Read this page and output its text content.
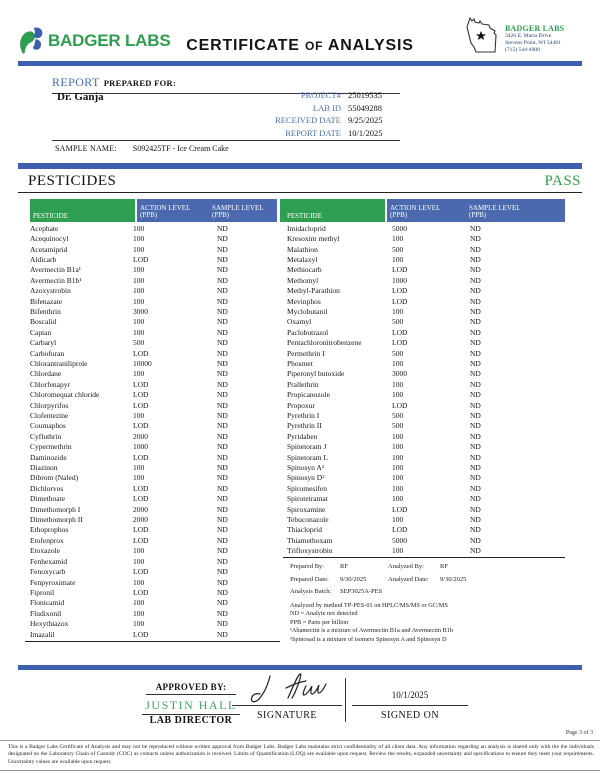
BADGER LABS CERTIFICATE OF ANALYSIS
BADGER LABS
3426 E. Maria Drive
Stevens Point, WI 54481
(715) 544-4900
REPORT PREPARED FOR:
Dr. Ganja	PROJECT# 25019535
LAB ID 55049288
RECEIVED DATE 9/25/2025
REPORT DATE 10/1/2025
SAMPLE NAME: S092425TF - Ice Cream Cake
PESTICIDES	PASS
PESTICIDE
ACTION LEVEL
(PPB)
SAMPLE LEVEL
(PPB)
Acephate	100	ND
Acequinocyl	100	ND
Acetamiprid	100	ND
Aldicarb	LOD	ND
Avermectin B1a¹	100	ND
Avermectin B1b¹	100	ND
Azoxystrobin	100	ND
Bifenazate	100	ND
Bifenthrin	3000	ND
Boscalid	100	ND
Captan	100	ND
Carbaryl	500	ND
Carbofuran	LOD	ND
Chlorantraniliprole	10000	ND
Chlordane	100	ND
Chlorfenapyr	LOD	ND
Chloromequat chloride	LOD	ND
Chlorpyrifos	LOD	ND
Clofentezine	100	ND
Coumaphos	LOD	ND
Cyfluthrin	2000	ND
Cypermethrin	1000	ND
Daminozide	LOD	ND
Diazinon	100	ND
Dibrom (Naled)	100	ND
Dichlorvos	LOD	ND
Dimethoate	LOD	ND
Dimethomorph I	2000	ND
Dimethomorph II	2000	ND
Ethoprophos	LOD	ND
Etofenprox	LOD	ND
Etoxazole	100	ND
Fenhexamid	100	ND
Fenoxycarb	LOD	ND
Fenpyroximate	100	ND
Fipronil	LOD	ND
Flonicamid	100	ND
Fludixonil	100	ND
Hexythiazox	100	ND
Imazalil	LOD	ND
PESTICIDE
ACTION LEVEL
(PPB)
SAMPLE LEVEL
(PPB)
Imidacloprid	5000	ND
Kresoxim methyl	100	ND
Malathion	500	ND
Metalaxyl	100	ND
Methiocarb	LOD	ND
Methomyl	1000	ND
Methyl-Parathion	LOD	ND
Mevinphos	LOD	ND
Myclobutanil	100	ND
Oxamyl	500	ND
Paclobutrazol	LOD	ND
Pentachloronitrobenzene	LOD	ND
Permethrin I	500	ND
Phosmet	100	ND
Piperonyl butoxide	3000	ND
Prallethrin	100	ND
Propicanozole	100	ND
Propoxur	LOD	ND
Pyrethrin I	500	ND
Pyrethrin II	500	ND
Pyridaben	100	ND
Spinetoram J	100	ND
Spinetoram L	100	ND
Spinosyn A²	100	ND
Spinosyn D²	100	ND
Spiromesifen	100	ND
Spirotetramat	100	ND
Spiroxamine	LOD	ND
Tebuconazole	100	ND
Thiacloprid	LOD	ND
Thiamethoxam	5000	ND
Trifloxystrobin	100	ND
Prepared By:	RF	Analyzed By:	RF
Prepared Date:	9/30/2025	Analyzed Date:	9/30/2025
Analysis Batch:	SEP3025A-PES
Analyzed by method TP-PES-01 on HPLC/MS/MS or GC/MS
ND = Analyte not detected
PPB = Parts per billion
¹Abamectin is a mixture of Avermectin B1a and Avermectin B1b
²Spinosad is a mixture of isomers Spinosyn A and Spinosyn D
APPROVED BY:
JUSTIN HALL
LAB DIRECTOR	SIGNATURE
10/1/2025
SIGNED ON
Page 3 of 3
This is a Badger Labs Certificate of Analysis and may not be reproduced without written approval from Badger Labs. Badger Labs maintains strict confidentiality of all client data. Any information regarding an analysis is shared only with the the individuals designated on the Laboratory Chain of Custody (COC) as contacts unless authorization is received. Limits of Quantification (LOQ) are available upon request. Review the results, expanded uncertainty and specifications to ensure they meet your requirements. Uncertainty values are available upon request.
